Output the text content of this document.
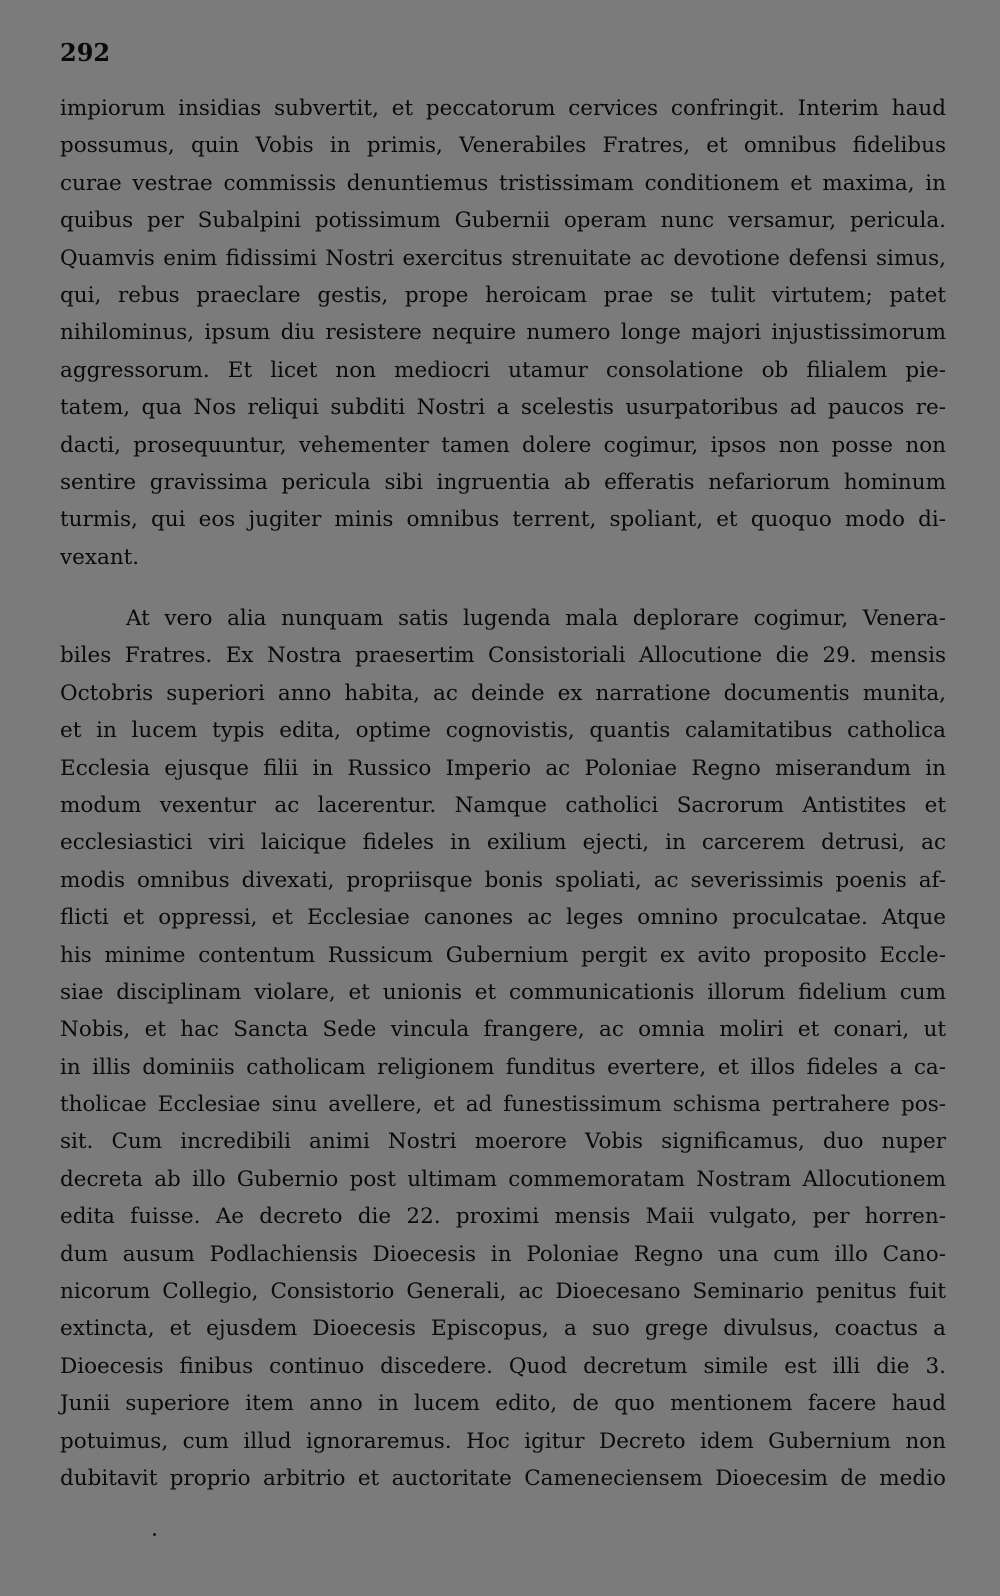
292
impiorum insidias subvertit, et peccatorum cervices confringit. Interim haud
possumus, quin Vobis in primis, Venerabiles Fratres, et omnibus fidelibus
curae vestrae commissis denuntiemus tristissimam conditionem et maxima, in
quibus per Subalpini potissimum Gubernii operam nunc versamur, pericula.
Quamvis enim fidissimi Nostri exercitus strenuitate ac devotione defensi simus,
qui, rebus praeclare gestis, prope heroicam prae se tulit virtutem; patet
nihilominus, ipsum diu resistere nequire numero longe majori injustissimorum
aggressorum. Et licet non mediocri utamur consolatione ob filialem pie-
tatem, qua Nos reliqui subditi Nostri a scelestis usurpatoribus ad paucos re-
dacti, prosequuntur, vehementer tamen dolere cogimur, ipsos non posse non
sentire gravissima pericula sibi ingruentia ab efferatis nefariorum hominum
turmis, qui eos jugiter minis omnibus terrent, spoliant, et quoquo modo di-
vexant.
At vero alia nunquam satis lugenda mala deplorare cogimur, Venera-
biles Fratres. Ex Nostra praesertim Consistoriali Allocutione die 29. mensis
Octobris superiori anno habita, ac deinde ex narratione documentis munita,
et in lucem typis edita, optime cognovistis, quantis calamitatibus catholica
Ecclesia ejusque filii in Russico Imperio ac Poloniae Regno miserandum in
modum vexentur ac lacerentur. Namque catholici Sacrorum Antistites et
ecclesiastici viri laicique fideles in exilium ejecti, in carcerem detrusi, ac
modis omnibus divexati, propriisque bonis spoliati, ac severissimis poenis af-
flicti et oppressi, et Ecclesiae canones ac leges omnino proculcatae. Atque
his minime contentum Russicum Gubernium pergit ex avito proposito Eccle-
siae disciplinam violare, et unionis et communicationis illorum fidelium cum
Nobis, et hac Sancta Sede vincula frangere, ac omnia moliri et conari, ut
in illis dominiis catholicam religionem funditus evertere, et illos fideles a ca-
tholicae Ecclesiae sinu avellere, et ad funestissimum schisma pertrahere pos-
sit. Cum incredibili animi Nostri moerore Vobis significamus, duo nuper
decreta ab illo Gubernio post ultimam commemoratam Nostram Allocutionem
edita fuisse. Ae decreto die 22. proximi mensis Maii vulgato, per horren-
dum ausum Podlachiensis Dioecesis in Poloniae Regno una cum illo Cano-
nicorum Collegio, Consistorio Generali, ac Dioecesano Seminario penitus fuit
extincta, et ejusdem Dioecesis Episcopus, a suo grege divulsus, coactus a
Dioecesis finibus continuo discedere. Quod decretum simile est illi die 3.
Junii superiore item anno in lucem edito, de quo mentionem facere haud
potuimus, cum illud ignoraremus. Hoc igitur Decreto idem Gubernium non
dubitavit proprio arbitrio et auctoritate Cameneciensem Dioecesim de medio
